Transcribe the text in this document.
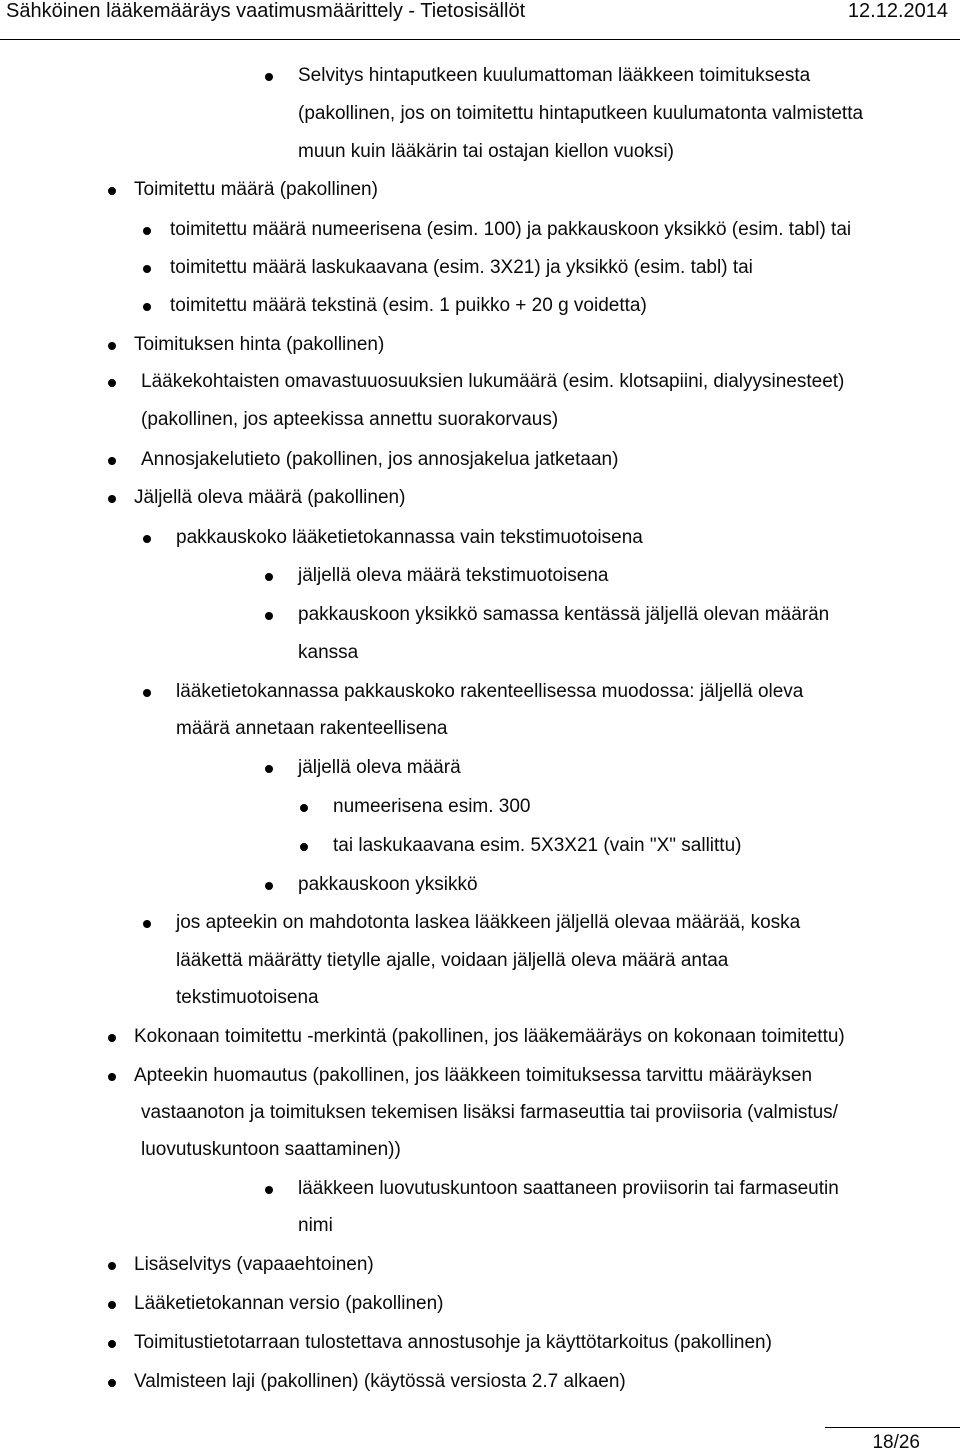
Sähköinen lääkemääräys vaatimusmäärittely - Tietosisällöt	12.12.2014
Selvitys hintaputkeen kuulumattoman lääkkeen toimituksesta
(pakollinen, jos on toimitettu hintaputkeen kuulumatonta valmistetta
muun kuin lääkärin tai ostajan kiellon vuoksi)
Toimitettu määrä (pakollinen)
toimitettu määrä numeerisena (esim. 100) ja pakkauskoon yksikkö (esim. tabl) tai
toimitettu määrä laskukaavana (esim. 3X21) ja yksikkö (esim. tabl) tai
toimitettu määrä tekstinä (esim. 1 puikko + 20 g voidetta)
Toimituksen hinta (pakollinen)
Lääkekohtaisten omavastuuosuuksien lukumäärä (esim. klotsapiini, dialyysinesteet)
(pakollinen, jos apteekissa annettu suorakorvaus)
Annosjakelutieto (pakollinen, jos annosjakelua jatketaan)
Jäljellä oleva määrä (pakollinen)
pakkauskoko lääketietokannassa vain tekstimuotoisena
jäljellä oleva määrä tekstimuotoisena
pakkauskoon yksikkö samassa kentässä jäljellä olevan määrän
kanssa
lääketietokannassa pakkauskoko rakenteellisessa muodossa: jäljellä oleva
määrä annetaan rakenteellisena
jäljellä oleva määrä
numeerisena esim. 300
tai laskukaavana esim. 5X3X21 (vain "X" sallittu)
pakkauskoon yksikkö
jos apteekin on mahdotonta laskea lääkkeen jäljellä olevaa määrää, koska
lääkettä määrätty tietylle ajalle, voidaan jäljellä oleva määrä antaa
tekstimuotoisena
Kokonaan toimitettu -merkintä (pakollinen, jos lääkemääräys on kokonaan toimitettu)
Apteekin huomautus (pakollinen, jos lääkkeen toimituksessa tarvittu määräyksen
vastaanoton ja toimituksen tekemisen lisäksi farmaseuttia tai proviisoria (valmistus/
luovutuskuntoon saattaminen))
lääkkeen luovutuskuntoon saattaneen proviisorin tai farmaseutin
nimi
Lisäselvitys (vapaaehtoinen)
Lääketietokannan versio (pakollinen)
Toimitustietotarraan tulostettava annostusohje ja käyttötarkoitus (pakollinen)
Valmisteen laji (pakollinen) (käytössä versiosta 2.7 alkaen)
18/26
